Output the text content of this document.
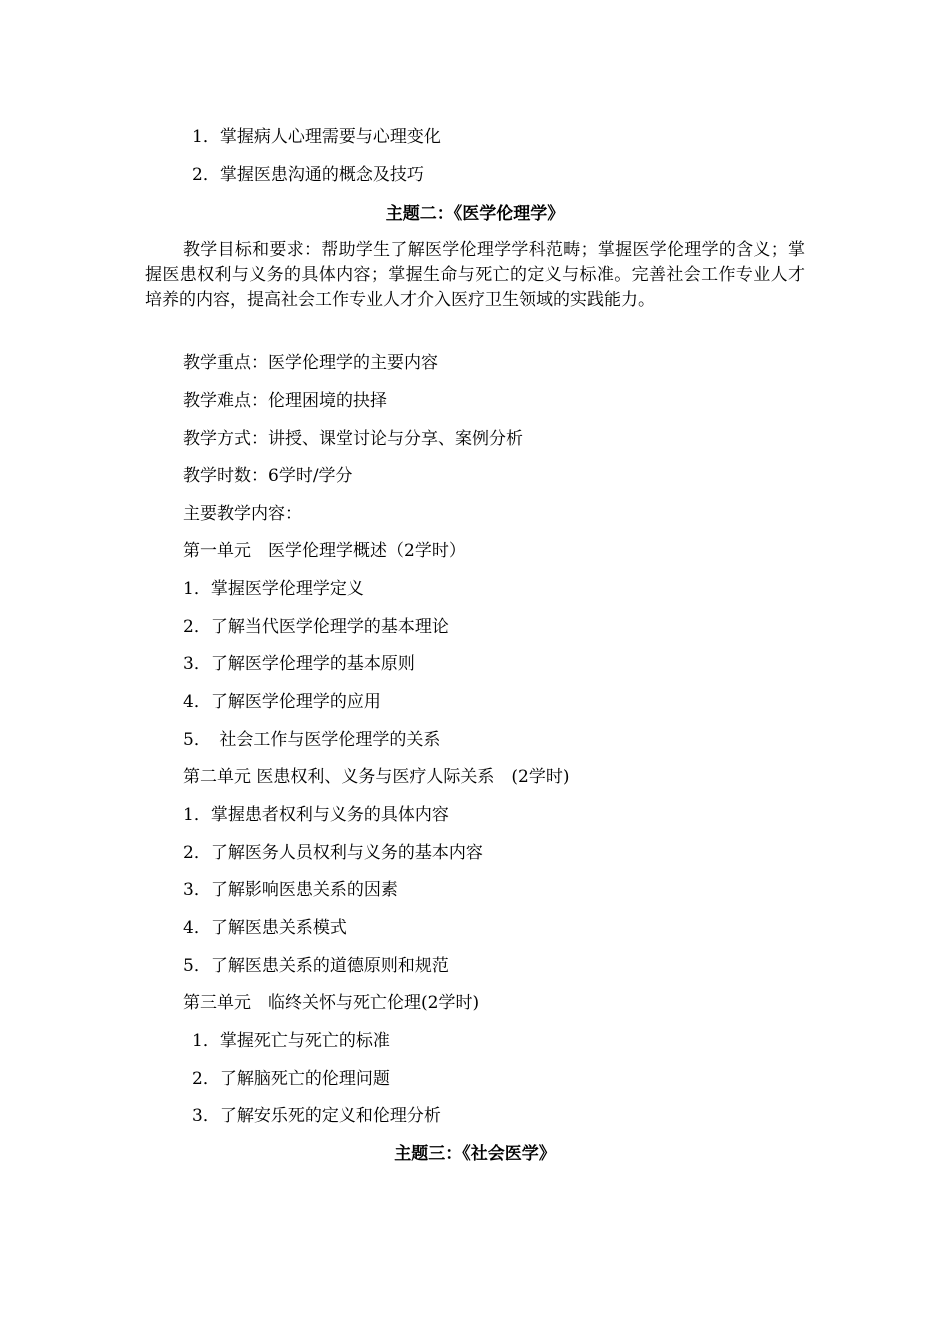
1．掌握病人心理需要与心理变化
2．掌握医患沟通的概念及技巧
主题二：《医学伦理学》
教学目标和要求：帮助学生了解医学伦理学学科范畴；掌握医学伦理学的含义；掌握医患权利与义务的具体内容；掌握生命与死亡的定义与标准。完善社会工作专业人才培养的内容，提高社会工作专业人才介入医疗卫生领域的实践能力。
教学重点：医学伦理学的主要内容
教学难点：伦理困境的抉择
教学方式：讲授、课堂讨论与分享、案例分析
教学时数：6学时/学分
主要教学内容：
第一单元　医学伦理学概述（2学时）
1．掌握医学伦理学定义
2．了解当代医学伦理学的基本理论
3．了解医学伦理学的基本原则
4．了解医学伦理学的应用
5．　社会工作与医学伦理学的关系
第二单元 医患权利、义务与医疗人际关系　(2学时)
1．掌握患者权利与义务的具体内容
2．了解医务人员权利与义务的基本内容
3．了解影响医患关系的因素
4．了解医患关系模式
5．了解医患关系的道德原则和规范
第三单元　临终关怀与死亡伦理(2学时)
1．掌握死亡与死亡的标准
2．了解脑死亡的伦理问题
3．了解安乐死的定义和伦理分析
主题三：《社会医学》
